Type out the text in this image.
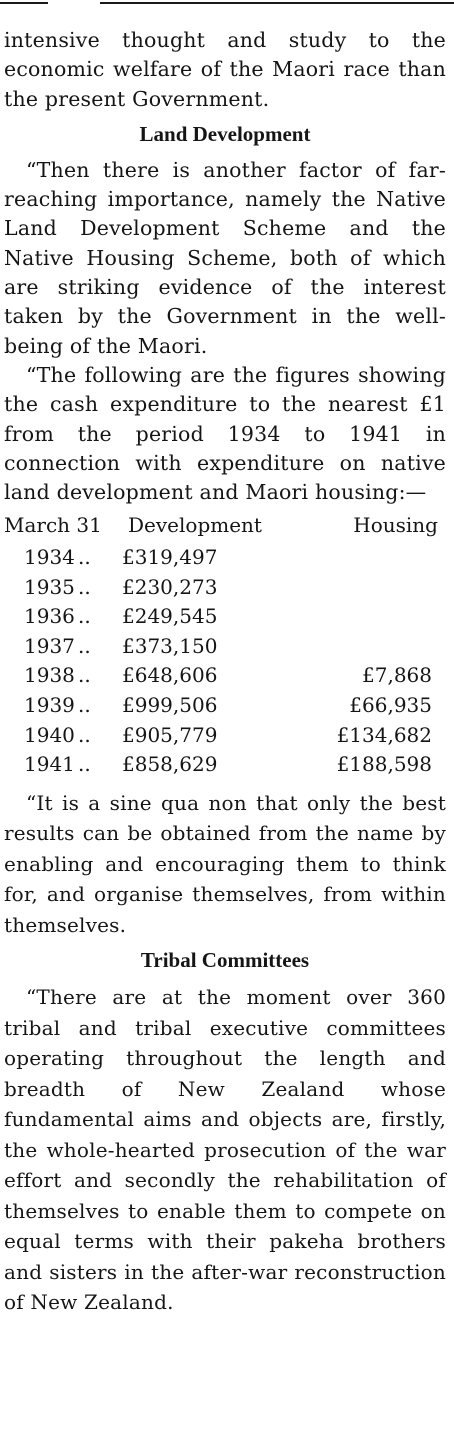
intensive thought and study to the economic welfare of the Maori race than the present Government.

Land Development

“Then there is another factor of far-reaching importance, namely the Native Land Development Scheme and the Native Housing Scheme, both of which are striking evidence of the interest taken by the Government in the well-being of the Maori.

“The following are the figures showing the cash expenditure to the nearest £1 from the period 1934 to 1941 in connection with expenditure on native land development and Maori housing:—

March 31	Development	Housing
1934 ..	£319,497
1935 ..	£230,273
1936 ..	£249,545
1937 ..	£373,150
1938 ..	£648,606	£7,868
1939 ..	£999,506	£66,935
1940 ..	£905,779	£134,682
1941 ..	£858,629	£188,598

“It is a sine qua non that only the best results can be obtained from the name by enabling and encouraging them to think for, and organise themselves, from within themselves.

Tribal Committees

“There are at the moment over 360 tribal and tribal executive committees operating throughout the length and breadth of New Zealand whose fundamental aims and objects are, firstly, the whole-hearted prosecution of the war effort and secondly the rehabilitation of themselves to enable them to compete on equal terms with their pakeha brothers and sisters in the after-war reconstruction of New Zealand.
